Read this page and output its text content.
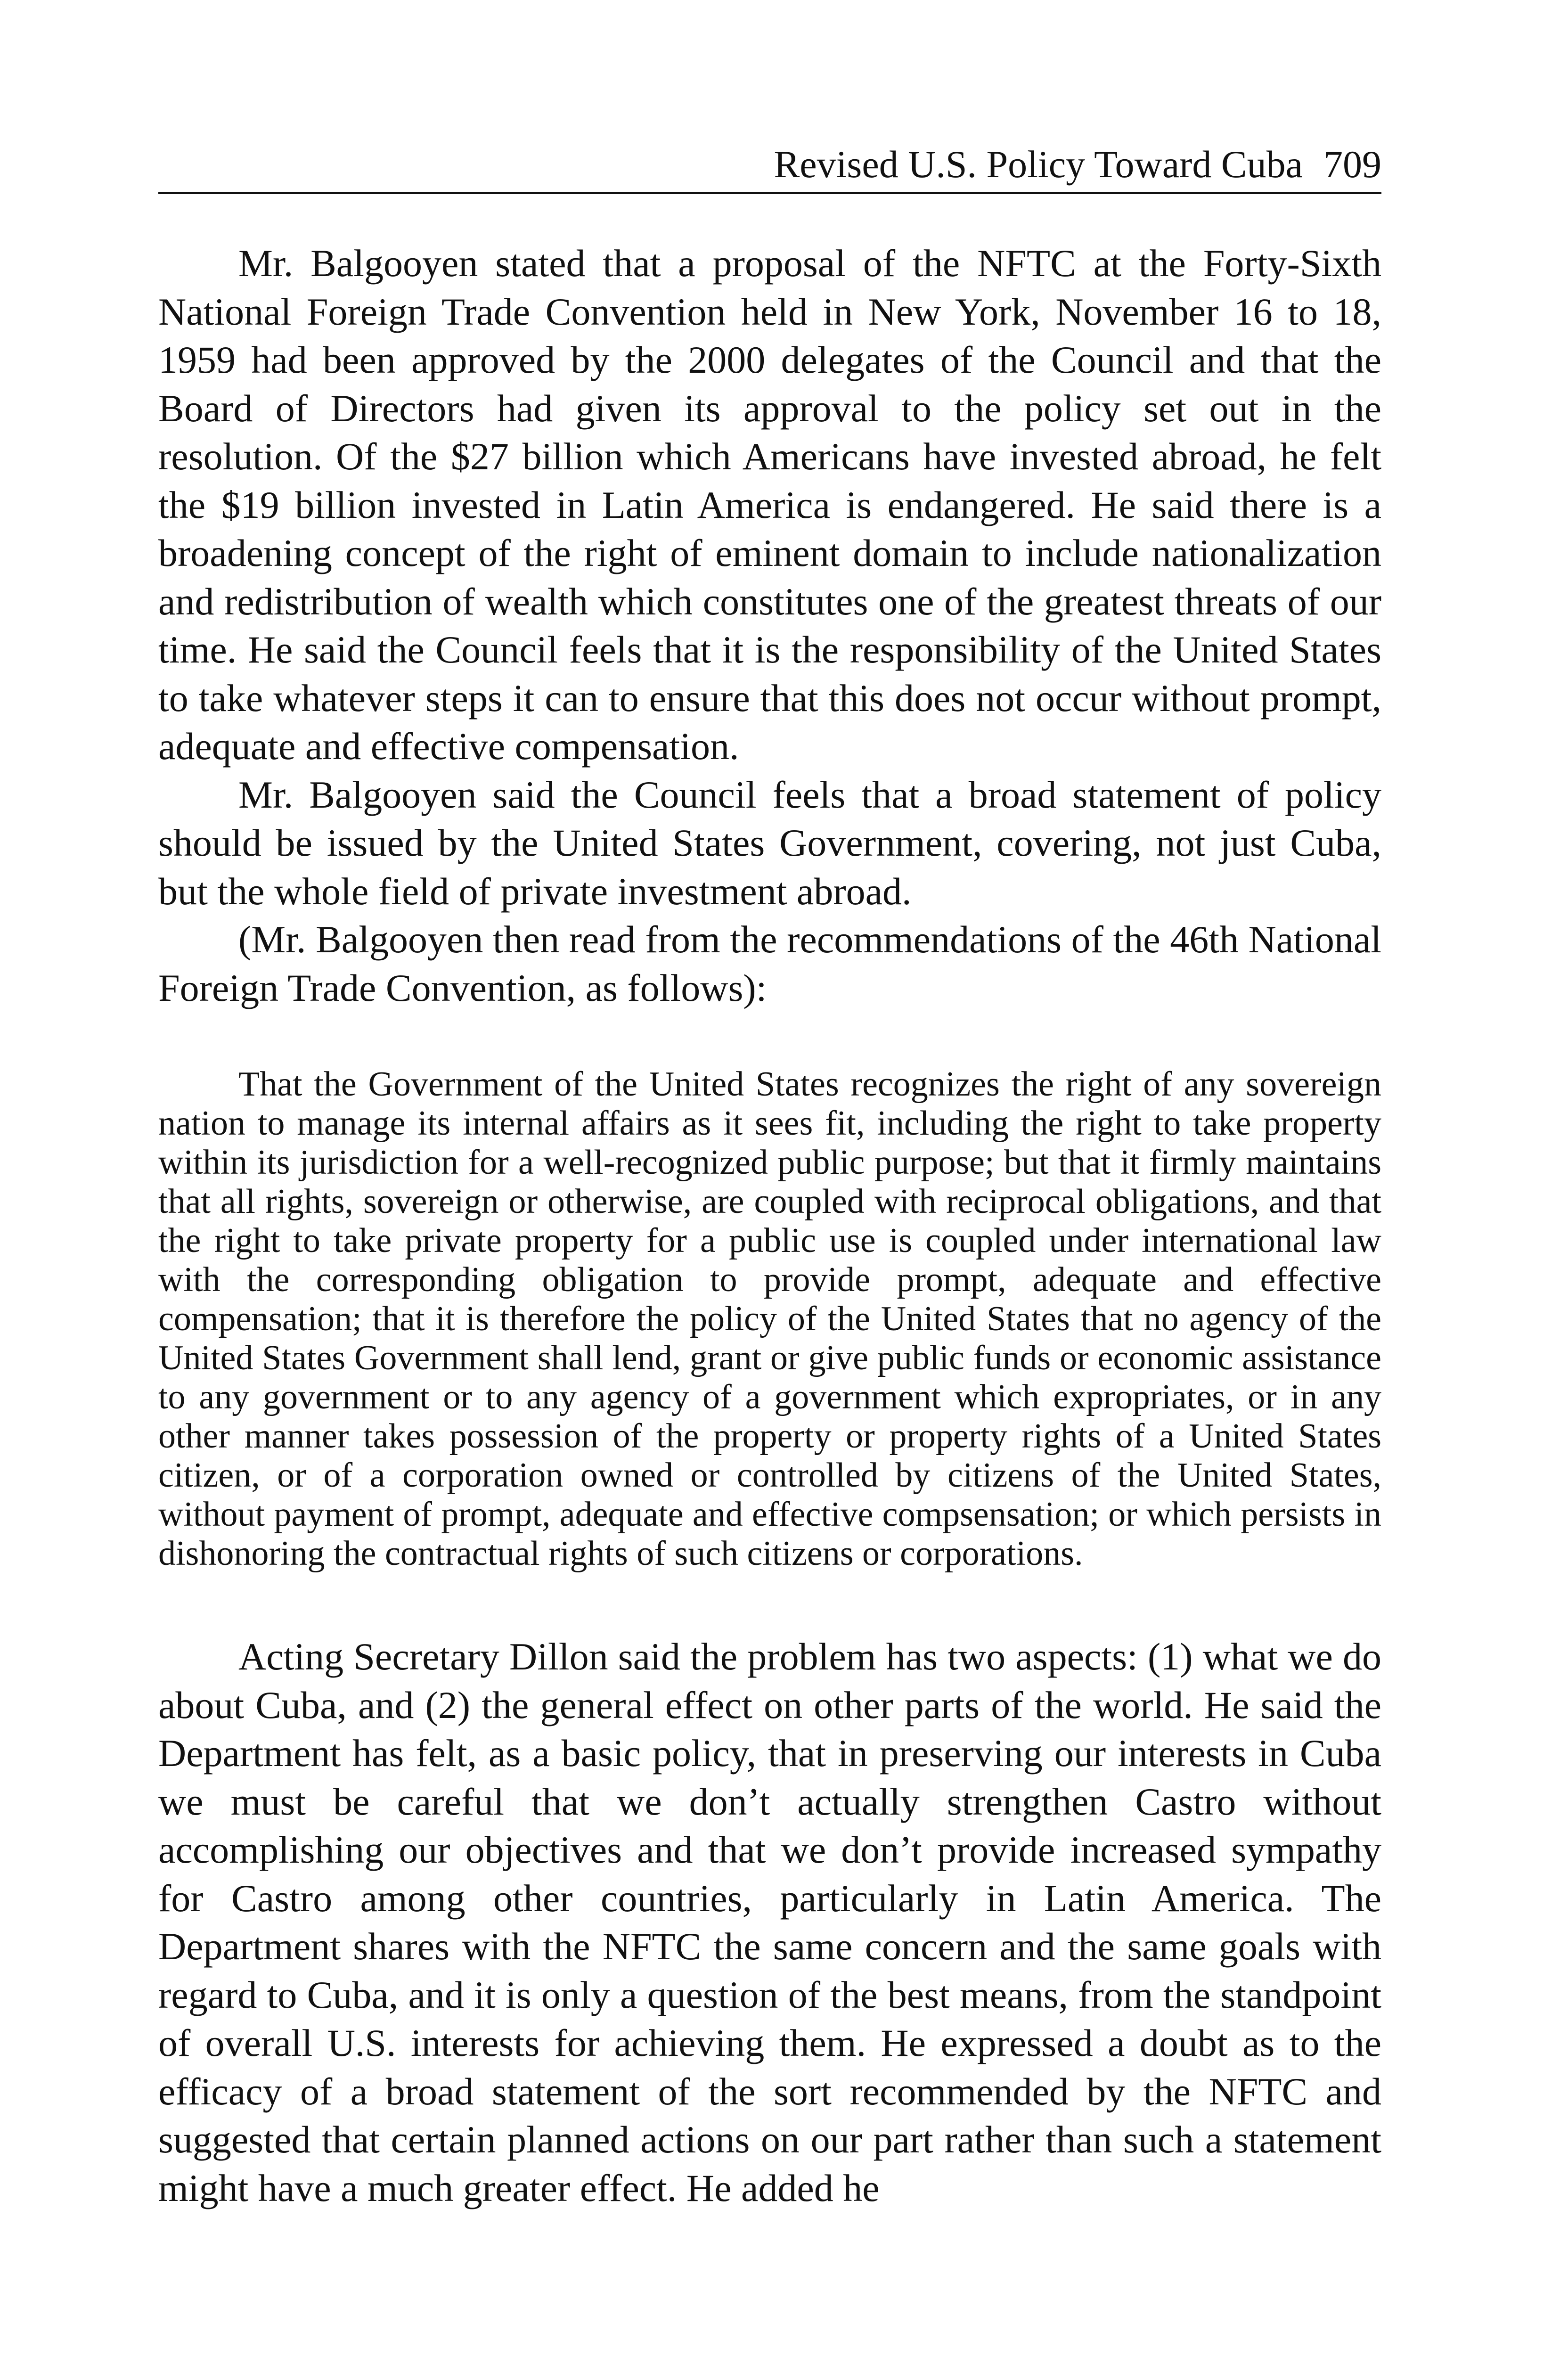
Revised U.S. Policy Toward Cuba 709

Mr. Balgooyen stated that a proposal of the NFTC at the Forty-Sixth National Foreign Trade Convention held in New York, November 16 to 18, 1959 had been approved by the 2000 delegates of the Council and that the Board of Directors had given its approval to the policy set out in the resolution. Of the $27 billion which Americans have invested abroad, he felt the $19 billion invested in Latin America is endangered. He said there is a broadening concept of the right of eminent domain to include nationalization and redistribution of wealth which constitutes one of the greatest threats of our time. He said the Council feels that it is the responsibility of the United States to take whatever steps it can to ensure that this does not occur without prompt, adequate and effective compensation.

Mr. Balgooyen said the Council feels that a broad statement of policy should be issued by the United States Government, covering, not just Cuba, but the whole field of private investment abroad.

(Mr. Balgooyen then read from the recommendations of the 46th National Foreign Trade Convention, as follows):

That the Government of the United States recognizes the right of any sovereign nation to manage its internal affairs as it sees fit, including the right to take property within its jurisdiction for a well-recognized public purpose; but that it firmly maintains that all rights, sovereign or otherwise, are coupled with reciprocal obligations, and that the right to take private property for a public use is coupled under international law with the corresponding obligation to provide prompt, adequate and effective compensation; that it is therefore the policy of the United States that no agency of the United States Government shall lend, grant or give public funds or economic assistance to any government or to any agency of a government which expropriates, or in any other manner takes possession of the property or property rights of a United States citizen, or of a corporation owned or controlled by citizens of the United States, without payment of prompt, adequate and effective compsensation; or which persists in dishonoring the contractual rights of such citizens or corporations.

Acting Secretary Dillon said the problem has two aspects: (1) what we do about Cuba, and (2) the general effect on other parts of the world. He said the Department has felt, as a basic policy, that in preserving our interests in Cuba we must be careful that we don’t actually strengthen Castro without accomplishing our objectives and that we don’t provide increased sympathy for Castro among other countries, particularly in Latin America. The Department shares with the NFTC the same concern and the same goals with regard to Cuba, and it is only a question of the best means, from the standpoint of overall U.S. interests for achieving them. He expressed a doubt as to the efficacy of a broad statement of the sort recommended by the NFTC and suggested that certain planned actions on our part rather than such a statement might have a much greater effect. He added he
